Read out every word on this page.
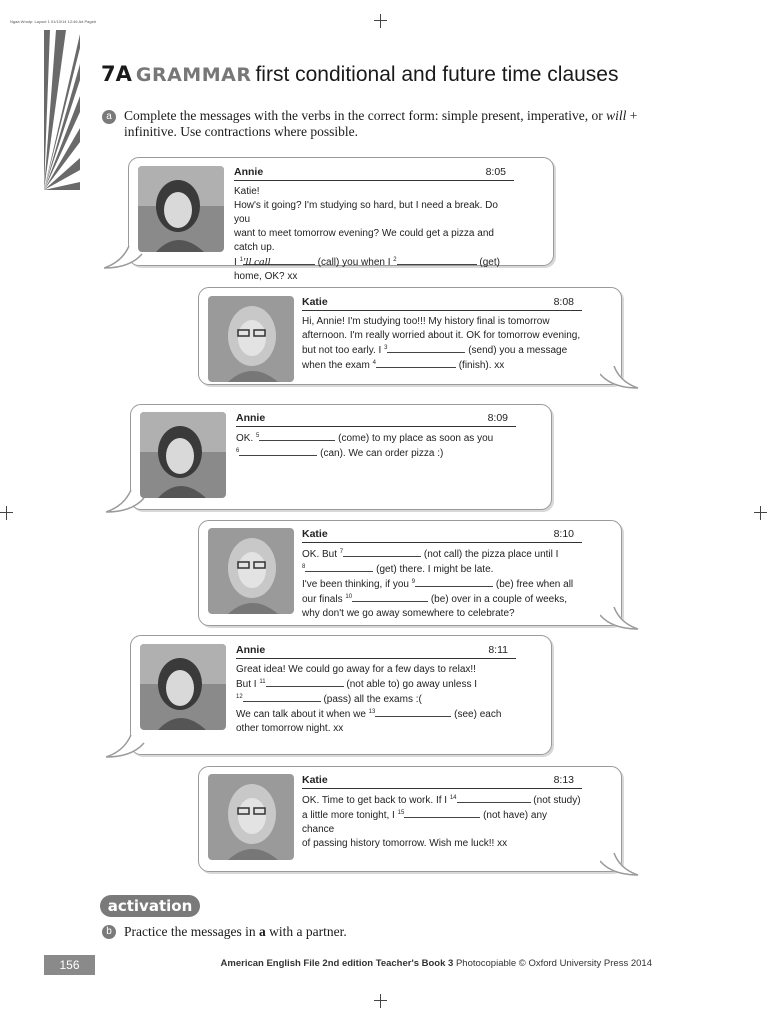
Ngaa Wnotp: Layout 1 01/10/14 12:46 Ad Page#
7A GRAMMAR first conditional and future time clauses
a Complete the messages with the verbs in the correct form: simple present, imperative, or will + infinitive. Use contractions where possible.
Annie	8:05
Katie!
How's it going? I'm studying so hard, but I need a break. Do you
want to meet tomorrow evening? We could get a pizza and
catch up.
I $^1$'ll call	(call) you when I $^2$	(get)
home, OK? xx
Katie	8:08
Hi, Annie! I'm studying too!!! My history final is tomorrow
afternoon. I'm really worried about it. OK for tomorrow evening,
but not too early. I $^3$	(send) you a message
when the exam $^4$	(finish). xx
Annie	8:09
OK. $^5$	(come) to my place as soon as you
$^6$	(can). We can order pizza :)
Katie	8:10
OK. But $^7$	(not call) the pizza place until I
$^8$	(get) there. I might be late.
I've been thinking, if you $^9$	(be) free when all
our finals $^{10}$	(be) over in a couple of weeks,
why don't we go away somewhere to celebrate?
Annie	8:11
Great idea! We could go away for a few days to relax!!
But I $^{11}$	(not able to) go away unless I
$^{12}$	(pass) all the exams :(
We can talk about it when we $^{13}$	(see) each
other tomorrow night. xx
Katie	8:13
OK. Time to get back to work. If I $^{14}$	(not study)
a little more tonight, I $^{15}$	(not have) any chance
of passing history tomorrow. Wish me luck!! xx
activation
b Practice the messages in a with a partner.
156	American English File 2nd edition Teacher's Book 3 Photocopiable © Oxford University Press 2014
